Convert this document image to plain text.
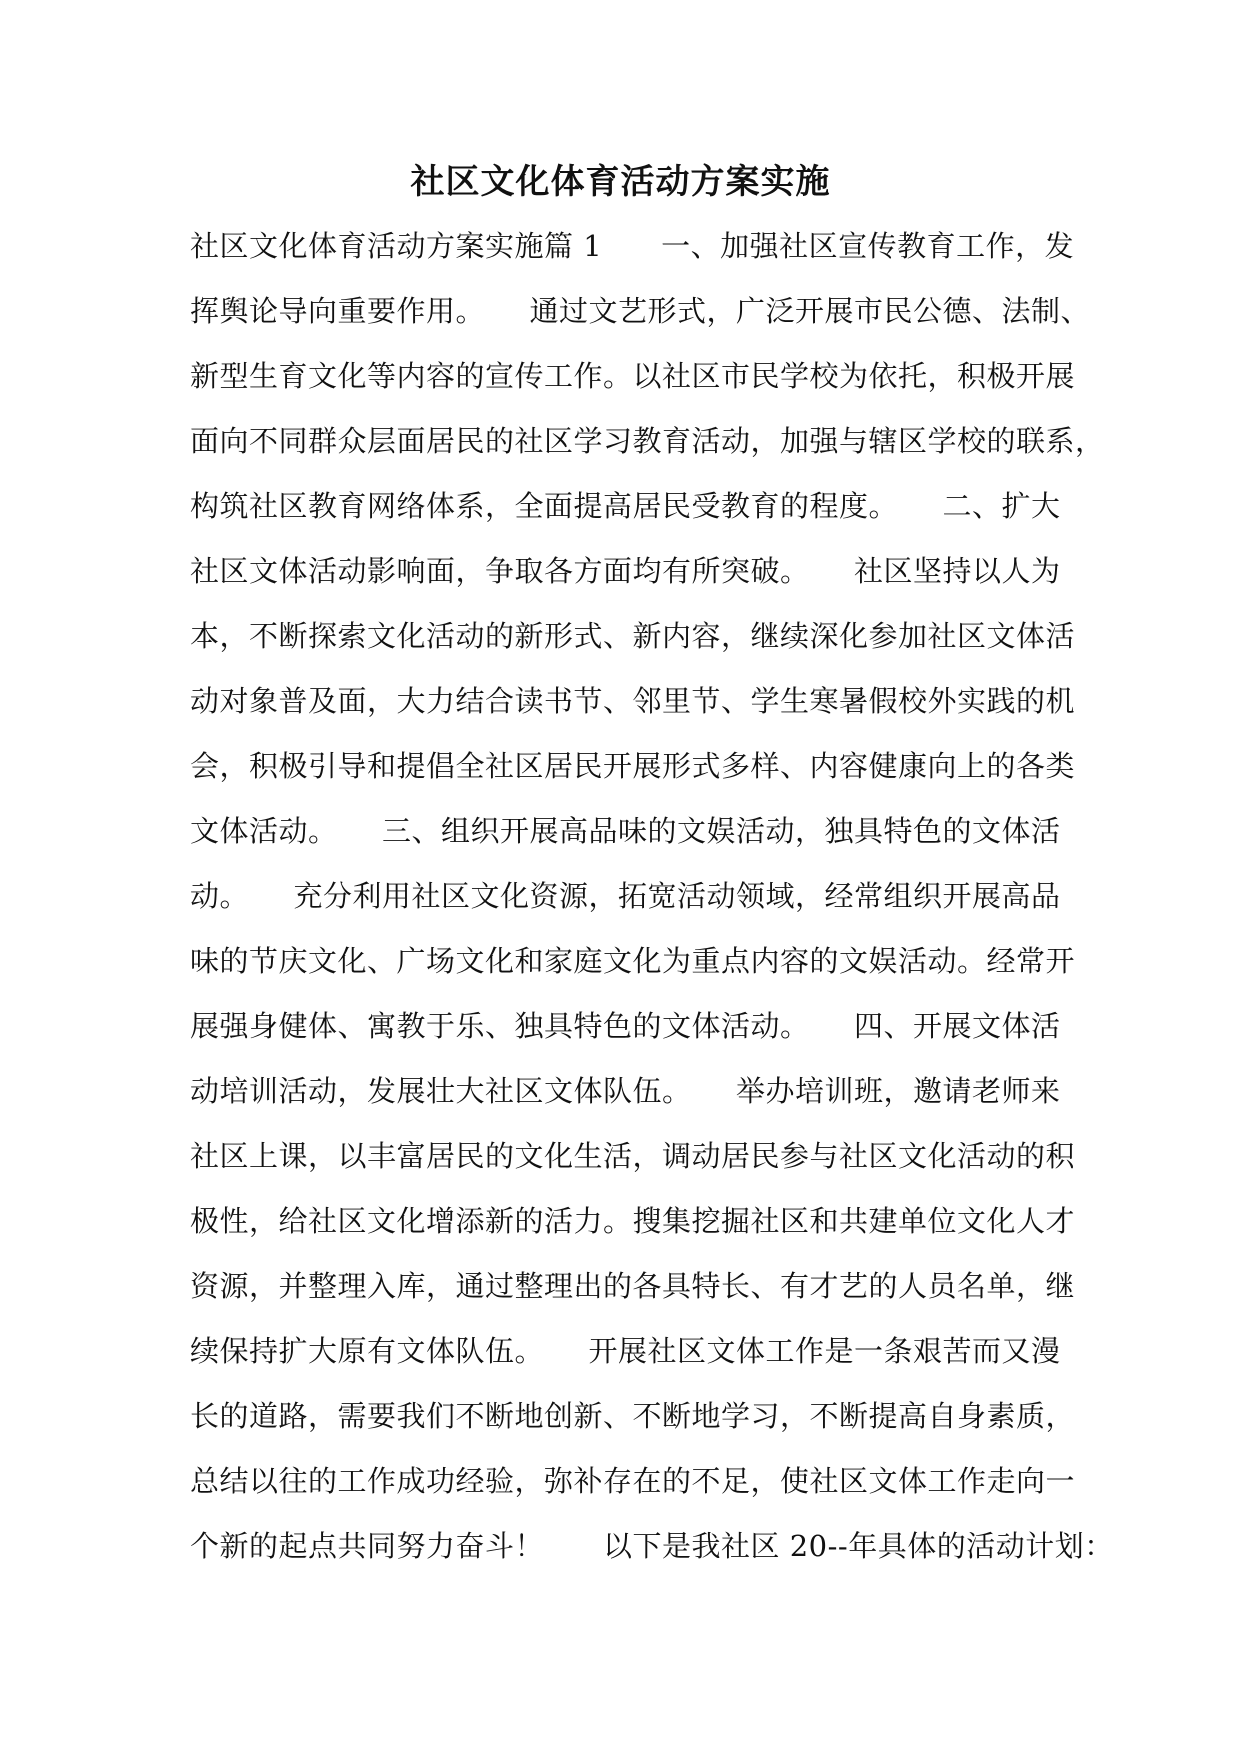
社区文化体育活动方案实施
社区文化体育活动方案实施篇 1　　一、加强社区宣传教育工作，发
挥舆论导向重要作用。　　通过文艺形式，广泛开展市民公德、法制、
新型生育文化等内容的宣传工作。以社区市民学校为依托，积极开展
面向不同群众层面居民的社区学习教育活动，加强与辖区学校的联系，
构筑社区教育网络体系，全面提高居民受教育的程度。　　二、扩大
社区文体活动影响面，争取各方面均有所突破。　　社区坚持以人为
本，不断探索文化活动的新形式、新内容，继续深化参加社区文体活
动对象普及面，大力结合读书节、邻里节、学生寒暑假校外实践的机
会，积极引导和提倡全社区居民开展形式多样、内容健康向上的各类
文体活动。　　三、组织开展高品味的文娱活动，独具特色的文体活
动。　　充分利用社区文化资源，拓宽活动领域，经常组织开展高品
味的节庆文化、广场文化和家庭文化为重点内容的文娱活动。经常开
展强身健体、寓教于乐、独具特色的文体活动。　　四、开展文体活
动培训活动，发展壮大社区文体队伍。　　举办培训班，邀请老师来
社区上课，以丰富居民的文化生活，调动居民参与社区文化活动的积
极性，给社区文化增添新的活力。搜集挖掘社区和共建单位文化人才
资源，并整理入库，通过整理出的各具特长、有才艺的人员名单，继
续保持扩大原有文体队伍。　　开展社区文体工作是一条艰苦而又漫
长的道路，需要我们不断地创新、不断地学习，不断提高自身素质，
总结以往的工作成功经验，弥补存在的不足，使社区文体工作走向一
个新的起点共同努力奋斗！　　以下是我社区 20--年具体的活动计划：
